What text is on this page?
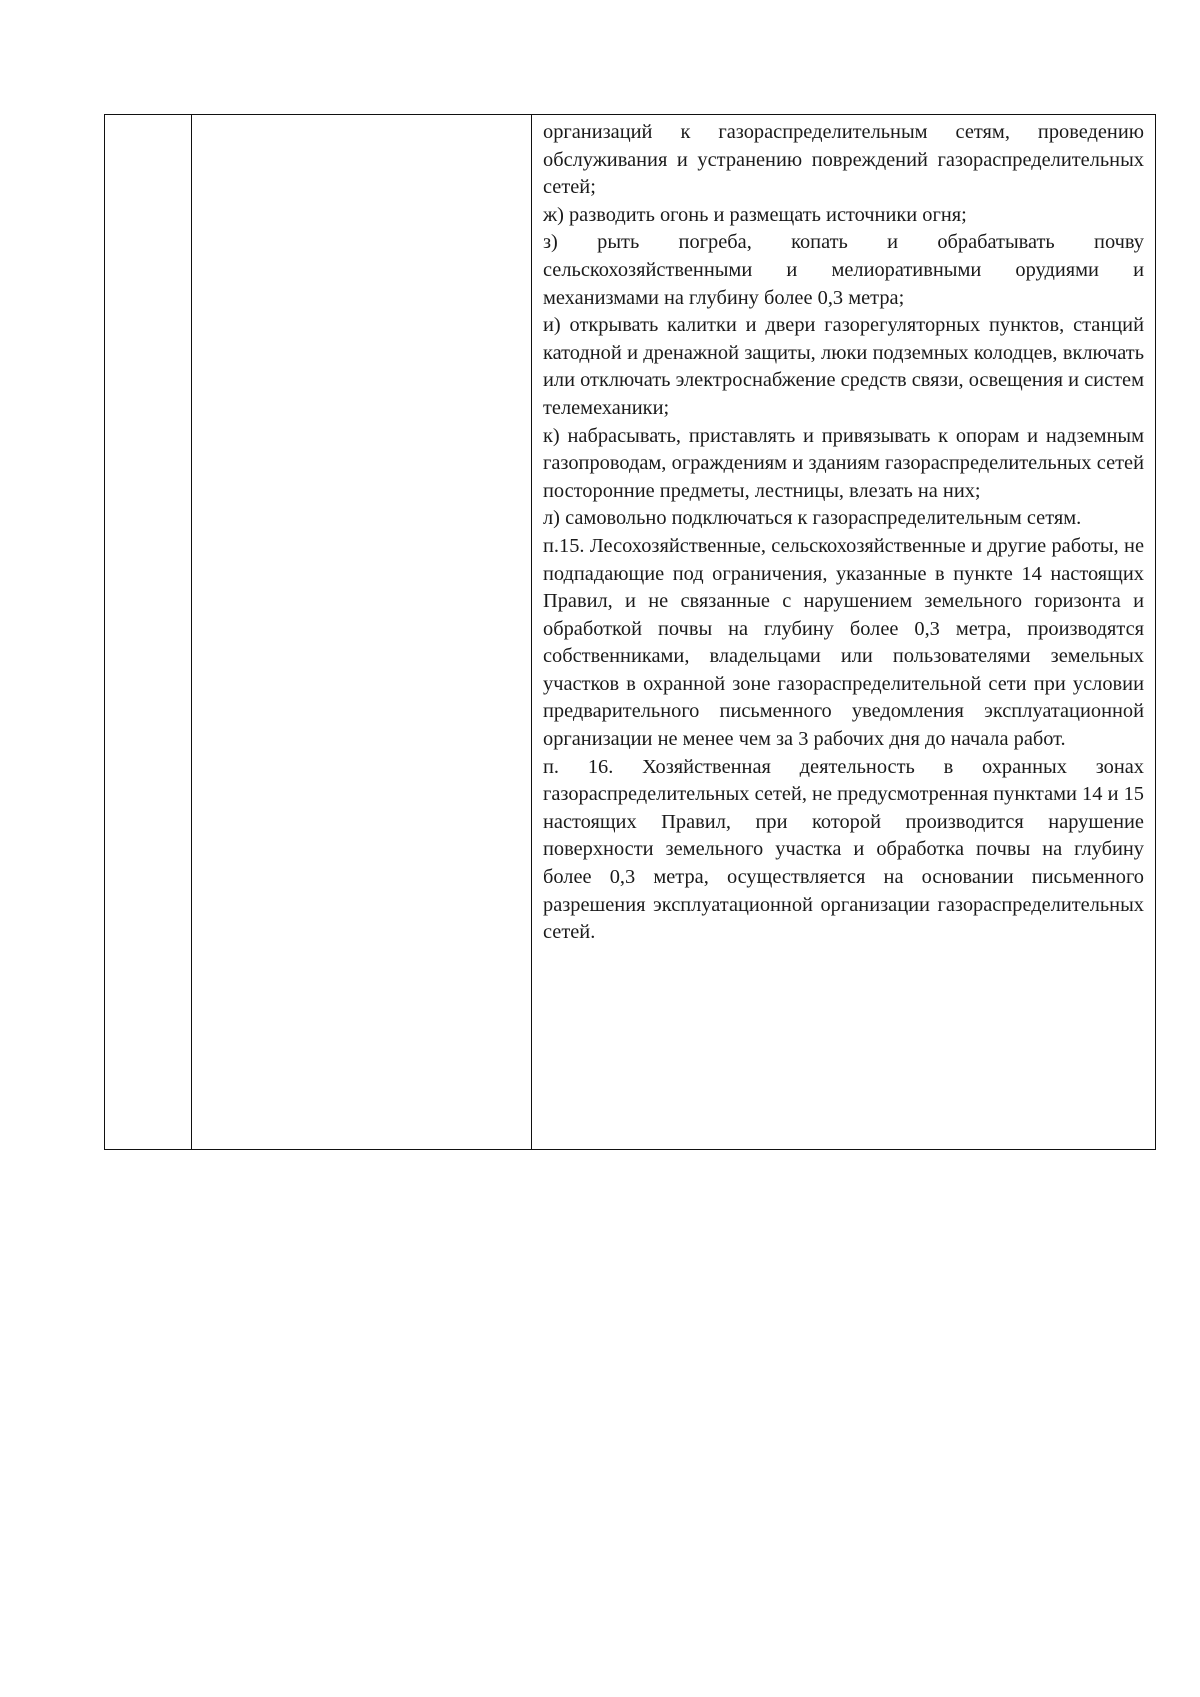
организаций к газораспределительным сетям, проведению обслуживания и устранению повреждений газораспределительных сетей;

ж) разводить огонь и размещать источники огня;

з) рыть погреба, копать и обрабатывать почву сельскохозяйственными и мелиоративными орудиями и механизмами на глубину более 0,3 метра;

и) открывать калитки и двери газорегуляторных пунктов, станций катодной и дренажной защиты, люки подземных колодцев, включать или отключать электроснабжение средств связи, освещения и систем телемеханики;

к) набрасывать, приставлять и привязывать к опорам и надземным газопроводам, ограждениям и зданиям газораспределительных сетей посторонние предметы, лестницы, влезать на них;

л) самовольно подключаться к газораспределительным сетям.

п.15. Лесохозяйственные, сельскохозяйственные и другие работы, не подпадающие под ограничения, указанные в пункте 14 настоящих Правил, и не связанные с нарушением земельного горизонта и обработкой почвы на глубину более 0,3 метра, производятся собственниками, владельцами или пользователями земельных участков в охранной зоне газораспределительной сети при условии предварительного письменного уведомления эксплуатационной организации не менее чем за 3 рабочих дня до начала работ.

п. 16. Хозяйственная деятельность в охранных зонах газораспределительных сетей, не предусмотренная пунктами 14 и 15 настоящих Правил, при которой производится нарушение поверхности земельного участка и обработка почвы на глубину более 0,3 метра, осуществляется на основании письменного разрешения эксплуатационной организации газораспределительных сетей.
